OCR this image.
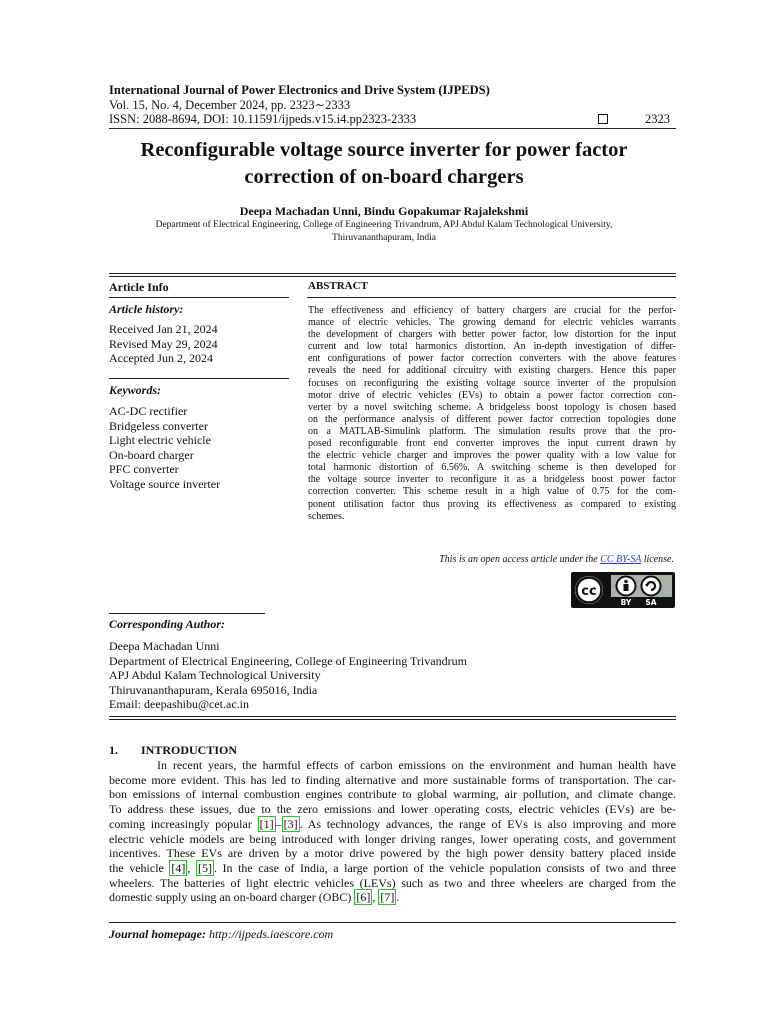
International Journal of Power Electronics and Drive System (IJPEDS)
Vol. 15, No. 4, December 2024, pp. 2323∼2333
ISSN: 2088-8694, DOI: 10.11591/ijpeds.v15.i4.pp2323-2333	2323
Reconfigurable voltage source inverter for power factor
correction of on-board chargers
Deepa Machadan Unni, Bindu Gopakumar Rajalekshmi
Department of Electrical Engineering, College of Engineering Trivandrum, APJ Abdul Kalam Technological University,
Thiruvananthapuram, India
Article Info
Article history:
Received Jan 21, 2024
Revised May 29, 2024
Accepted Jun 2, 2024
Keywords:
AC-DC rectifier
Bridgeless converter
Light electric vehicle
On-board charger
PFC converter
Voltage source inverter
ABSTRACT
The effectiveness and efficiency of battery chargers are crucial for the perfor-
mance of electric vehicles. The growing demand for electric vehicles warrants
the development of chargers with better power factor, low distortion for the input
current and low total harmonics distortion. An in-depth investigation of differ-
ent configurations of power factor correction converters with the above features
reveals the need for additional circuitry with existing chargers. Hence this paper
focuses on reconfiguring the existing voltage source inverter of the propulsion
motor drive of electric vehicles (EVs) to obtain a power factor correction con-
verter by a novel switching scheme. A bridgeless boost topology is chosen based
on the performance analysis of different power factor correction topologies done
on a MATLAB-Simulink platform. The simulation results prove that the pro-
posed reconfigurable front end converter improves the input current drawn by
the electric vehicle charger and improves the power quality with a low value for
total harmonic distortion of 6.56%. A switching scheme is then developed for
the voltage source inverter to reconfigure it as a bridgeless boost power factor
correction converter. This scheme result in a high value of 0.75 for the com-
ponent utilisation factor thus proving its effectiveness as compared to existing
schemes.
This is an open access article under the CC BY-SA license.
cc
BY SA
Corresponding Author:
Deepa Machadan Unni
Department of Electrical Engineering, College of Engineering Trivandrum
APJ Abdul Kalam Technological University
Thiruvananthapuram, Kerala 695016, India
Email: deepashibu@cet.ac.in
1. INTRODUCTION
In recent years, the harmful effects of carbon emissions on the environment and human health have
become more evident. This has led to finding alternative and more sustainable forms of transportation. The car-
bon emissions of internal combustion engines contribute to global warming, air pollution, and climate change.
To address these issues, due to the zero emissions and lower operating costs, electric vehicles (EVs) are be-
coming increasingly popular [1] – [3] . As technology advances, the range of EVs is also improving and more
electric vehicle models are being introduced with longer driving ranges, lower operating costs, and government
incentives. These EVs are driven by a motor drive powered by the high power density battery placed inside
the vehicle [4] , [5] . In the case of India, a large portion of the vehicle population consists of two and three
wheelers. The batteries of light electric vehicles (LEVs) such as two and three wheelers are charged from the
domestic supply using an on-board charger (OBC) [6] , [7] .
Journal homepage: http://ijpeds.iaescore.com
